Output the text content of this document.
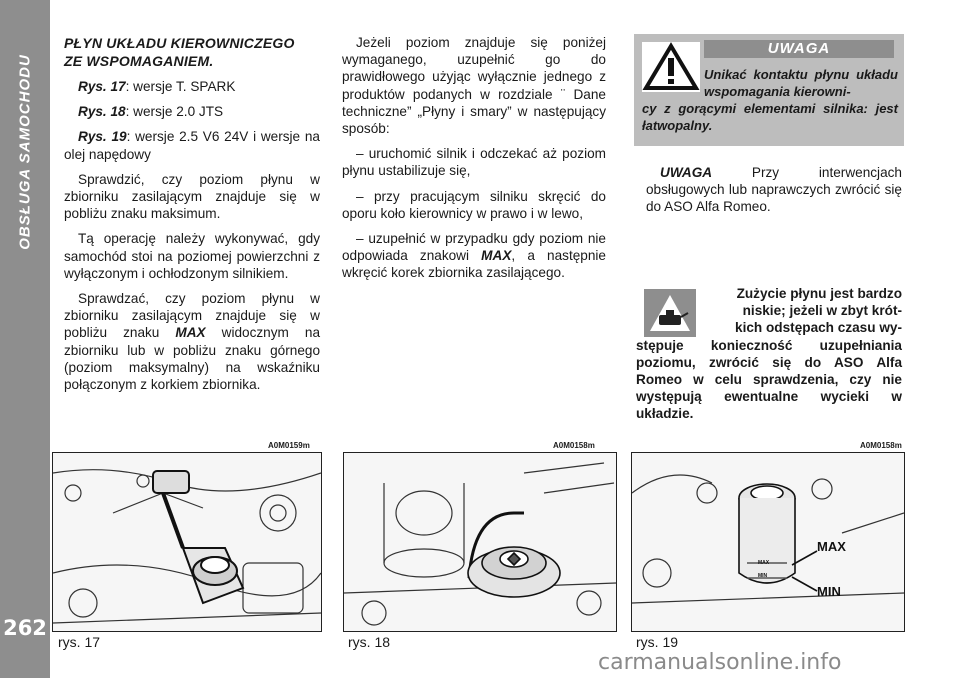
OBSŁUGA SAMOCHODU
262

PŁYN UKŁADU KIEROWNICZEGO
ZE WSPOMAGANIEM.

Rys. 17: wersje T. SPARK

Rys. 18: wersje 2.0 JTS

Rys. 19: wersje 2.5 V6 24V i wersje na olej napędowy

Sprawdzić, czy poziom płynu w zbiorniku zasilającym znajduje się w pobliżu znaku maksimum.

Tą operację należy wykonywać, gdy samochód stoi na poziomej powierzchni z wyłączonym i ochłodzonym silnikiem.

Sprawdzać, czy poziom płynu w zbiorniku zasilającym znajduje się w pobliżu znaku MAX widocznym na zbiorniku lub w pobliżu znaku górnego (poziom maksymalny) na wskaźniku połączonym z korkiem zbiornika.

Jeżeli poziom znajduje się poniżej wymaganego, uzupełnić go do prawidłowego użyjąc wyłącznie jednego z produktów podanych w rozdziale ¨ Dane techniczne” „Płyny i smary” w następujący sposób:

– uruchomić silnik i odczekać aż poziom płynu ustabilizuje się,

– przy pracującym silniku skręcić do oporu koło kierownicy w prawo i w lewo,

– uzupełnić w przypadku gdy poziom nie odpowiada znakowi MAX, a następnie wkręcić korek zbiornika zasilającego.

UWAGA
Unikać kontaktu płynu układu wspomagania kierowni-
cy z gorącymi elementami silnika: jest łatwopalny.

UWAGA Przy interwencjach obsługowych lub naprawczych zwrócić się do ASO Alfa Romeo.

Zużycie płynu jest bardzo
niskie; jeżeli w zbyt krót-
kich odstępach czasu wy-

stępuje konieczność uzupełniania poziomu, zwrócić się do ASO Alfa Romeo w celu sprawdzenia, czy nie występują ewentualne wycieki w układzie.

A0M0159m	A0M0158m	A0M0158m
MAX
MIN
MAX
MIN
rys. 17	rys. 18	rys. 19
carmanualsonline.info
